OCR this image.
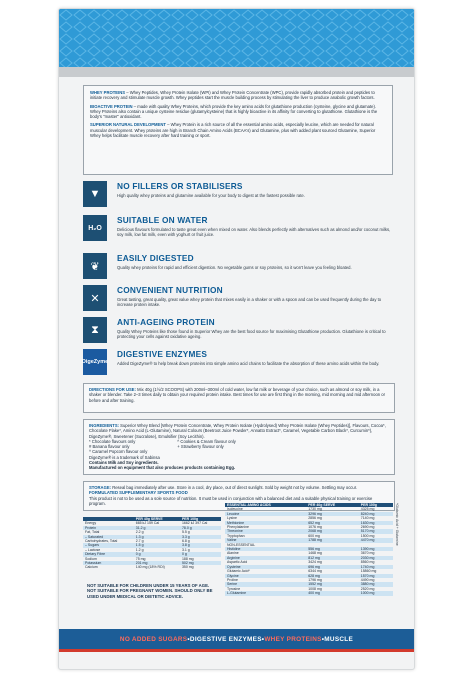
WHEY PROTEINS – Whey Peptides, Whey Protein Isolate (WPI) and Whey Protein Concentrate (WPC), provide rapidly absorbed protein and peptides to initiate recovery and stimulate muscle growth. Whey peptides start the muscle building process by stimulating the liver to produce anabolic growth factors.

BIOACTIVE PROTEIN – made with quality Whey Proteins, which provide the key amino acids for glutathione production (cysteine, glycine and glutamate). Whey Proteins also contain a unique cysteine residue (glutamylcysteine) that is highly bioactive in its affinity for converting to glutathione. Glutathione is the body's "master" antioxidant.

SUPERIOR NATURAL DEVELOPMENT – Whey Protein is a rich source of all the essential amino acids, especially leucine, which are needed for natural muscular development. Whey proteins are high in Branch Chain Amino Acids (BCAA's) and Glutamine, plus with added plant sourced Glutamine, Superior Whey helps facilitate muscle recovery after hard training or sport.

▼
NO FILLERS OR STABILISERS
High quality whey proteins and glutamine available for your body to digest at the fastest possible rate.
H₂O
SUITABLE ON WATER
Delicious flavours formulated to taste great even when mixed on water. Also blends perfectly with alternatives such as almond and/or coconut milks, soy milk, low fat milk, even with yoghurt or fruit juice.
❦
EASILY DIGESTED
Quality whey proteins for rapid and efficient digestion. No vegetable gums or soy proteins, so it won't leave you feeling bloated.
✕
CONVENIENT NUTRITION
Great tasting, great quality, great value whey protein that mixes easily in a shaker or with a spoon and can be used frequently during the day to increase protein intake.
⧗
ANTI-AGEING PROTEIN
Quality Whey Proteins like those found in Superior Whey are the best food source for maximising Glutathione production. Glutathione is critical to protecting your cells against oxidative ageing.
DigeZyme
DIGESTIVE ENZYMES
Added DigeZyme® to help break down proteins into simple amino acid chains to facilitate the absorption of these amino acids within the body.
DIRECTIONS FOR USE: Mix 40g (1½/2 SCOOPS) with 200ml–300ml of cold water, low fat milk or beverage of your choice, such as almond or soy milk, in a shaker or blender. Take 2–3 times daily to obtain your required protein intake. Best times for use are first thing in the morning, mid morning and mid afternoon or before and after training.
INGREDIENTS: Superior Whey Blend [Whey Protein Concentrate, Whey Protein Isolate (Hydrolysed) Whey Protein Isolate (Whey Peptides)], Flavours, Cocoa*, Chocolate Flake*, Amino Acid (L-Glutamine), Natural Colours (Beetroot Juice Powder*, Annatto Extract*, Caramel, Vegetable Carbon Black*, Curcumin*), DigeZyme®, Sweetener (Sucralose), Emulsifier (Soy Lecithin).
* Chocolate flavours only
# Banana flavour only
^ Caramel Popcorn flavour only
^ Cookies & Cream flavour only
+ Strawberry flavour only
DigeZyme® is a trademark of Sabinsa
Contains Milk and Soy ingredients.
Manufactured on equipment that also produces products containing Egg.
STORAGE: Reseal bag immediately after use. Store in a cool, dry place, out of direct sunlight. Sold by weight not by volume. Settling may occur.
FORMULATED SUPPLEMENTARY SPORTS FOOD
This product is not to be used as a sole source of nutrition. It must be used in conjunction with a balanced diet and a suitable physical training or exercise program.
	PER 40g SERVE	PER 100g
Energy	665 kJ 159 Cal	1662 kJ 397 Cal
Protein	31.2 g	78.0 g
Fat, Total	2.2 g	5.5 g
– Saturated	1.3 g	3.3 g
Carbohydrates, Total	2.7 g	6.8 g
– Sugars	1.5 g	3.8 g
– Lactose	1.2 g	3.1 g
Dietary Fibre	0 g	0 g
Sodium	75 mg	188 mg
Potassium	201 mg	502 mg
Calcium	140 mg (18% RDI)	350 mg
ESSENTIAL AMINO ACIDS	PER 40g SERVE	PER 100g
Isoleucine	1730 mg	4325 mg
Leucine	3296 mg	8240 mg
Lysine	2856 mg	7140 mg
Methionine	652 mg	1630 mg
Phenylalanine	1076 mg	2690 mg
Threonine	2068 mg	5170 mg
Tryptophan	600 mg	1500 mg
Valine	1788 mg	4470 mg
NON-ESSENTIAL		
Histidine	556 mg	1390 mg
Alanine	1468 mg	3670 mg
Arginine	812 mg	2030 mg
Aspartic Acid	3424 mg	8560 mg
Cysteine	696 mg	1740 mg
Glutamic Acid*	6344 mg	15860 mg
Glycine	628 mg	1570 mg
Proline	1796 mg	4490 mg
Serine	1552 mg	3880 mg
Tyrosine	1008 mg	2520 mg
L-Glutamine	400 mg	1000 mg
*Glutamic Acid + Glutamine
NOT SUITABLE FOR CHILDREN UNDER 15 YEARS OF AGE. NOT SUITABLE FOR PREGNANT WOMEN. SHOULD ONLY BE USED UNDER MEDICAL OR DIETETIC ADVICE.
NO ADDED SUGARS • DIGESTIVE ENZYMES • WHEY PROTEINS • MUSCLE
